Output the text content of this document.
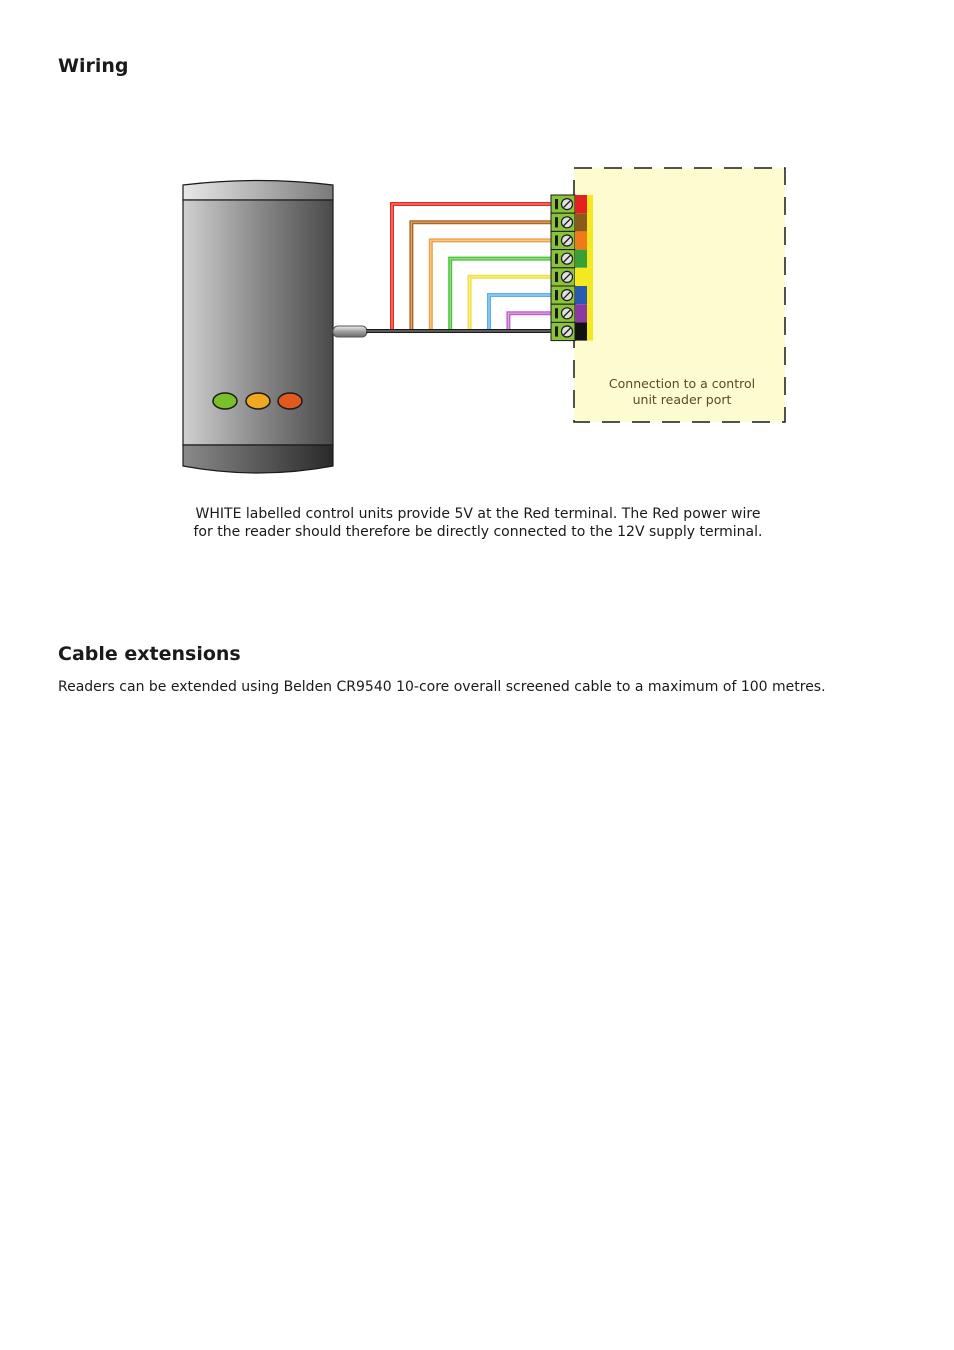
Wiring
Connection to a control
unit reader port

WHITE labelled control units provide 5V at the Red terminal. The Red power wire
for the reader should therefore be directly connected to the 12V supply terminal.

Cable extensions

Readers can be extended using Belden CR9540 10-core overall screened cable to a maximum of 100 metres.
